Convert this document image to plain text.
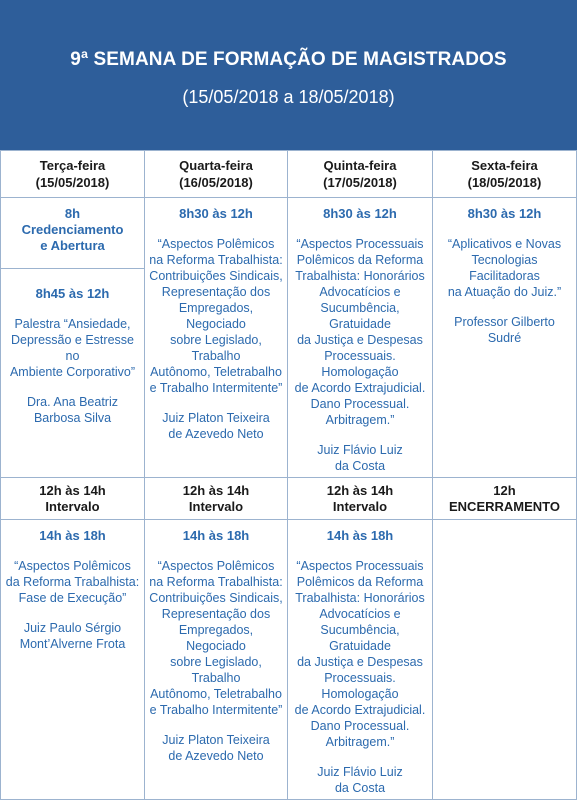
9ª SEMANA DE FORMAÇÃO DE MAGISTRADOS
(15/05/2018 a 18/05/2018)
Terça-feira
(15/05/2018)
Quarta-feira
(16/05/2018)
Quinta-feira
(17/05/2018)
Sexta-feira
(18/05/2018)
8h
Credenciamento
e Abertura
8h45 às 12h
Palestra “Ansiedade,
Depressão e Estresse no
Ambiente Corporativo”
Dra. Ana Beatriz
Barbosa Silva
8h30 às 12h
“Aspectos Polêmicos
na Reforma Trabalhista:
Contribuições Sindicais,
Representação dos
Empregados, Negociado
sobre Legislado, Trabalho
Autônomo, Teletrabalho
e Trabalho Intermitente”
Juiz Platon Teixeira
de Azevedo Neto
8h30 às 12h
“Aspectos Processuais
Polêmicos da Reforma
Trabalhista: Honorários
Advocatícios e
Sucumbência, Gratuidade
da Justiça e Despesas
Processuais. Homologação
de Acordo Extrajudicial.
Dano Processual.
Arbitragem.”
Juiz Flávio Luiz
da Costa
8h30 às 12h
“Aplicativos e Novas
Tecnologias Facilitadoras
na Atuação do Juiz.”
Professor Gilberto Sudré
12h às 14h
Intervalo
12h às 14h
Intervalo
12h às 14h
Intervalo
12h
ENCERRAMENTO
14h às 18h
“Aspectos Polêmicos
da Reforma Trabalhista:
Fase de Execução”
Juiz Paulo Sérgio
Mont’Alverne Frota
14h às 18h
“Aspectos Polêmicos
na Reforma Trabalhista:
Contribuições Sindicais,
Representação dos
Empregados, Negociado
sobre Legislado, Trabalho
Autônomo, Teletrabalho
e Trabalho Intermitente”
Juiz Platon Teixeira
de Azevedo Neto
14h às 18h
“Aspectos Processuais
Polêmicos da Reforma
Trabalhista: Honorários
Advocatícios e
Sucumbência, Gratuidade
da Justiça e Despesas
Processuais. Homologação
de Acordo Extrajudicial.
Dano Processual.
Arbitragem.”
Juiz Flávio Luiz
da Costa
